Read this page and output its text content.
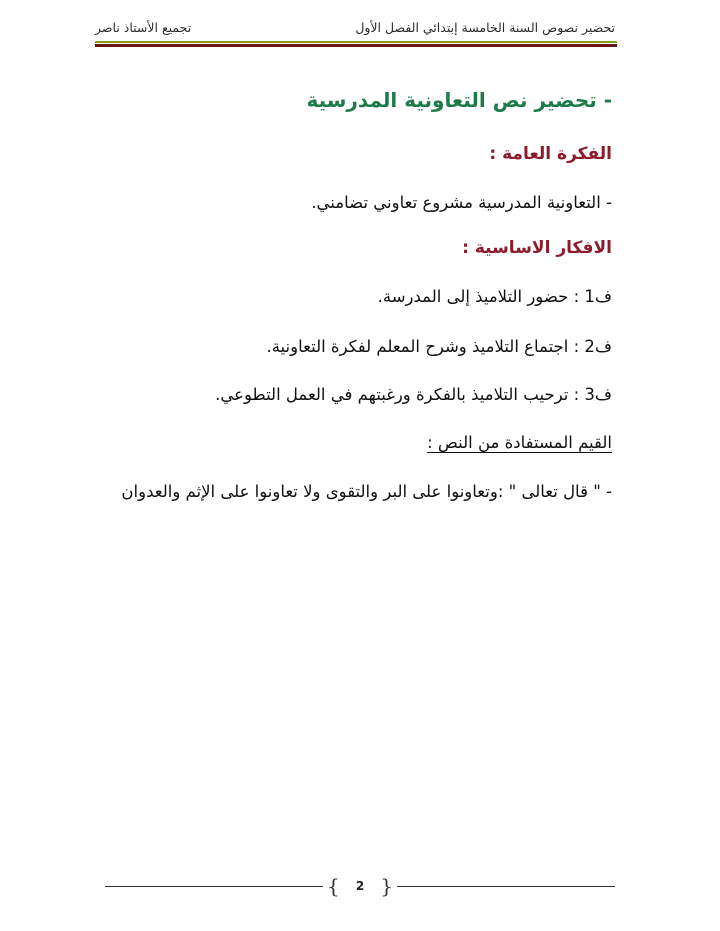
تحضير نصوص السنة الخامسة إبتدائي الفصل الأول
تجميع الأستاذ ناصر
- تحضير نص التعاونية المدرسية
الفكرة العامة :
- التعاونية المدرسية مشروع تعاوني تضامني.
الافكار الاساسية :
ف1 : حضور التلاميذ إلى المدرسة.
ف2 : اجتماع التلاميذ وشرح المعلم لفكرة التعاونية.
ف3 : ترحيب التلاميذ بالفكرة ورغبتهم في العمل التطوعي.
القيم المستفادة من النص :
- " قال تعالى " :وتعاونوا على البر والتقوى ولا تعاونوا على الإثم والعدوان
{	2 }
